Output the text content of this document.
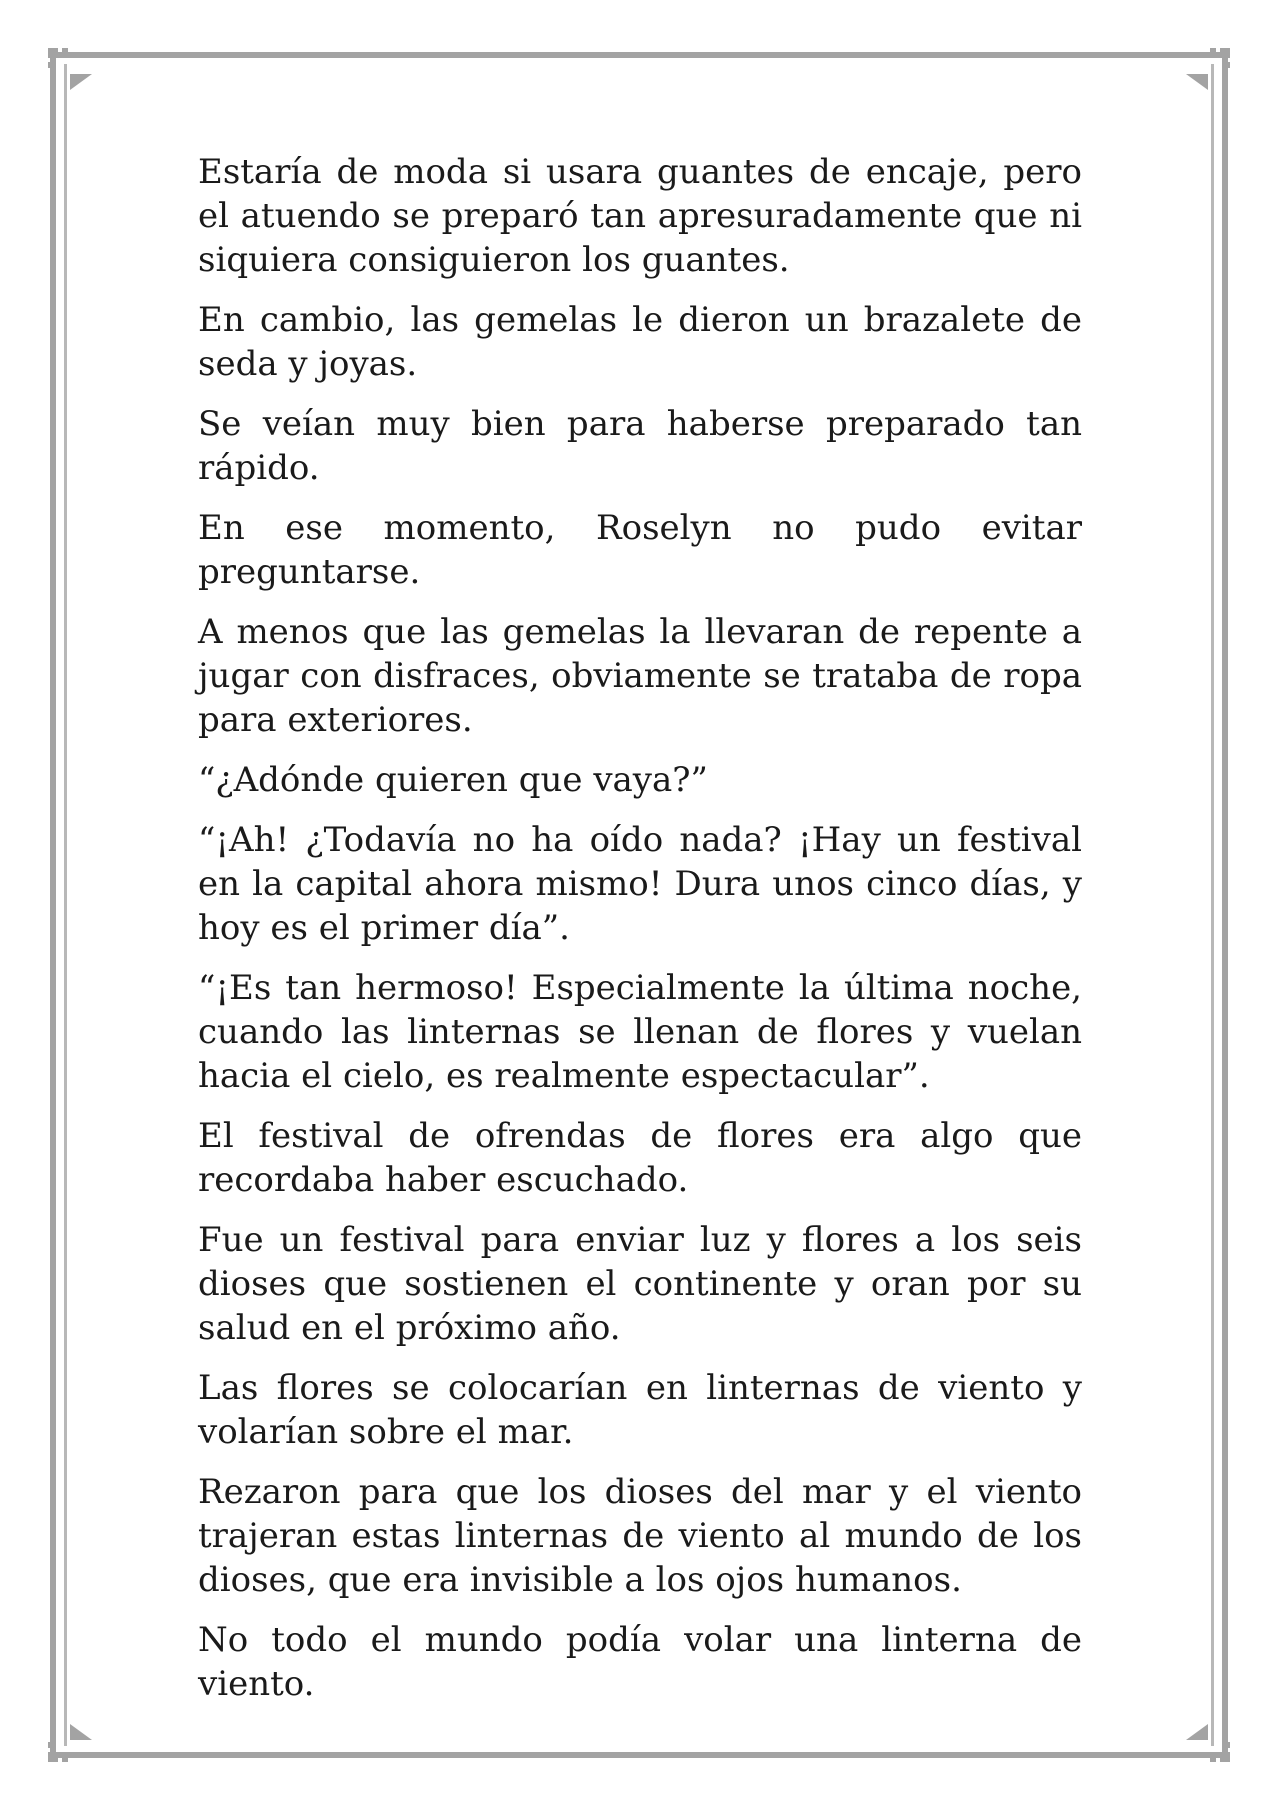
Estaría de moda si usara guantes de encaje, pero el atuendo se preparó tan apresuradamente que ni siquiera consiguieron los guantes.

En cambio, las gemelas le dieron un brazalete de seda y joyas.

Se veían muy bien para haberse preparado tan rápido.

En ese momento, Roselyn no pudo evitar preguntarse.

A menos que las gemelas la llevaran de repente a jugar con disfraces, obviamente se trataba de ropa para exteriores.

“¿Adónde quieren que vaya?”

“¡Ah! ¿Todavía no ha oído nada? ¡Hay un festival en la capital ahora mismo! Dura unos cinco días, y hoy es el primer día”.

“¡Es tan hermoso! Especialmente la última noche, cuando las linternas se llenan de flores y vuelan hacia el cielo, es realmente espectacular”.

El festival de ofrendas de flores era algo que recordaba haber escuchado.

Fue un festival para enviar luz y flores a los seis dioses que sostienen el continente y oran por su salud en el próximo año.

Las flores se colocarían en linternas de viento y volarían sobre el mar.

Rezaron para que los dioses del mar y el viento trajeran estas linternas de viento al mundo de los dioses, que era invisible a los ojos humanos.

No todo el mundo podía volar una linterna de viento.
